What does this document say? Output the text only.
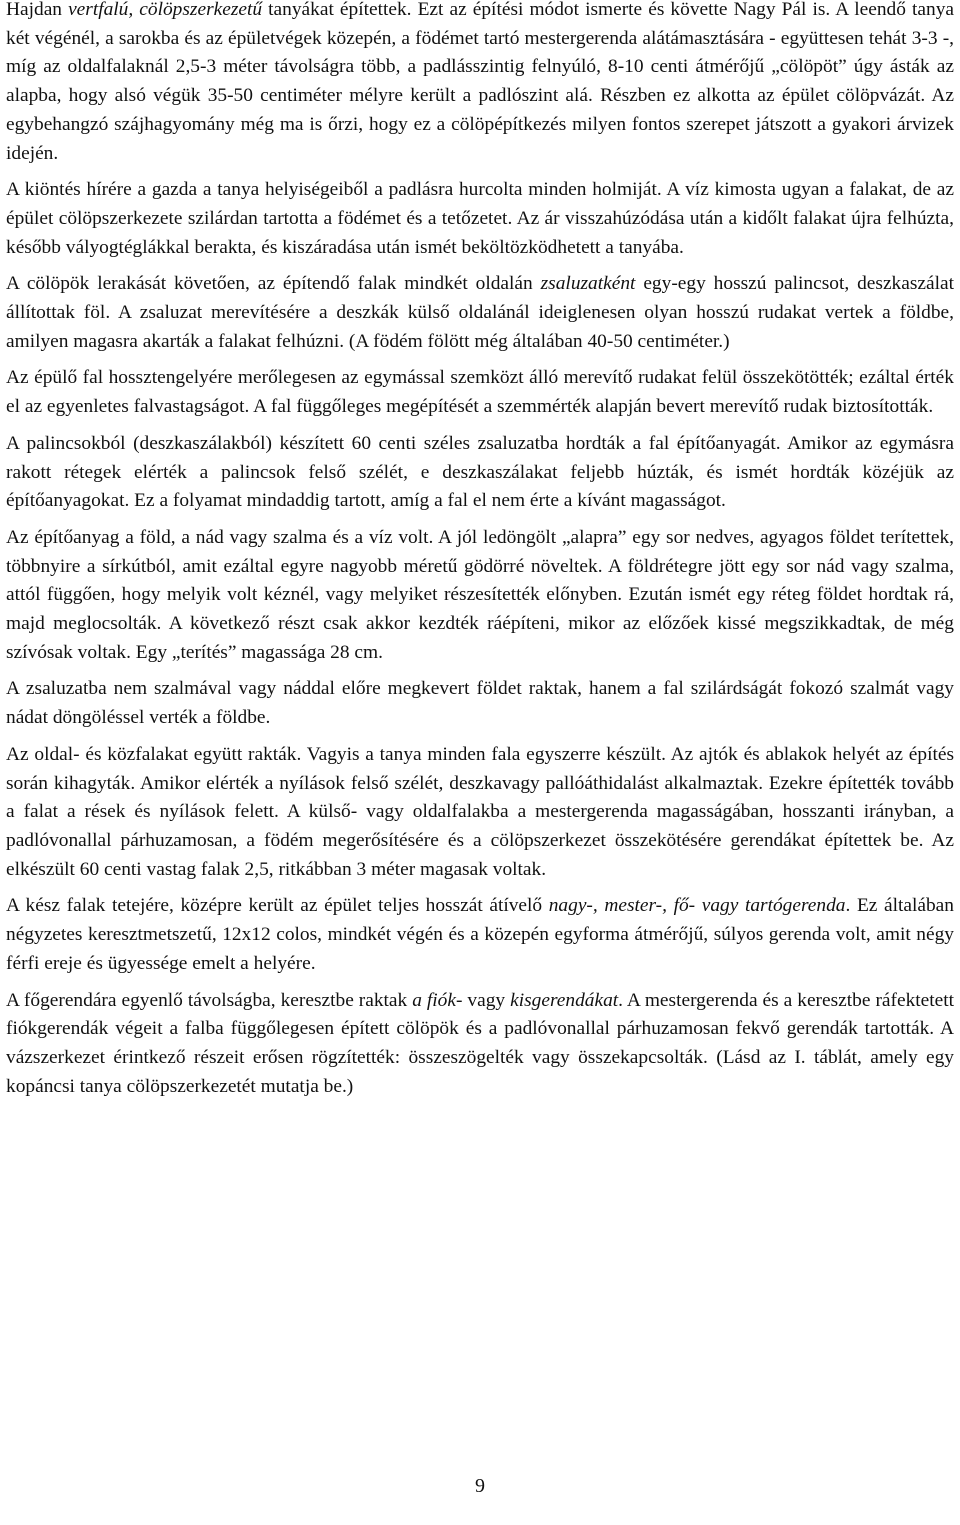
Hajdan vertfalú, cölöpszerkezetű tanyákat építettek. Ezt az építési módot ismerte és követte Nagy Pál is. A leendő tanya két végénél, a sarokba és az épületvégek közepén, a födémet tartó mestergerenda alátámasztására - együttesen tehát 3-3 -, míg az oldalfalaknál 2,5-3 méter távolságra több, a padlásszintig felnyúló, 8-10 centi átmérőjű „cölöpöt” úgy ásták az alapba, hogy alsó végük 35-50 centiméter mélyre került a padlószint alá. Részben ez alkotta az épület cölöpvázát. Az egybehangzó szájhagyomány még ma is őrzi, hogy ez a cölöpépítkezés milyen fontos szerepet játszott a gyakori árvizek idején.

A kiöntés hírére a gazda a tanya helyiségeiből a padlásra hurcolta minden holmiját. A víz kimosta ugyan a falakat, de az épület cölöpszerkezete szilárdan tartotta a födémet és a tetőzetet. Az ár visszahúzódása után a kidőlt falakat újra felhúzta, később vályogtéglákkal berakta, és kiszáradása után ismét beköltözködhetett a tanyába.

A cölöpök lerakását követően, az építendő falak mindkét oldalán zsaluzatként egy-egy hosszú palincsot, deszkaszálat állítottak föl. A zsaluzat merevítésére a deszkák külső oldalánál ideiglenesen olyan hosszú rudakat vertek a földbe, amilyen magasra akarták a falakat felhúzni. (A födém fölött még általában 40-50 centiméter.)

Az épülő fal hossztengelyére merőlegesen az egymással szemközt álló merevítő rudakat felül összekötötték; ezáltal érték el az egyenletes falvastagságot. A fal függőleges megépítését a szemmérték alapján bevert merevítő rudak biztosították.

A palincsokból (deszkaszálakból) készített 60 centi széles zsaluzatba hordták a fal építőanyagát. Amikor az egymásra rakott rétegek elérték a palincsok felső szélét, e deszkaszálakat feljebb húzták, és ismét hordták közéjük az építőanyagokat. Ez a folyamat mindaddig tartott, amíg a fal el nem érte a kívánt magasságot.

Az építőanyag a föld, a nád vagy szalma és a víz volt. A jól ledöngölt „alapra” egy sor nedves, agyagos földet terítettek, többnyire a sírkútból, amit ezáltal egyre nagyobb méretű gödörré növeltek. A földrétegre jött egy sor nád vagy szalma, attól függően, hogy melyik volt kéznél, vagy melyiket részesítették előnyben. Ezután ismét egy réteg földet hordtak rá, majd meglocsolták. A következő részt csak akkor kezdték ráépíteni, mikor az előzőek kissé megszikkadtak, de még szívósak voltak. Egy „terítés” magassága 28 cm.

A zsaluzatba nem szalmával vagy náddal előre megkevert földet raktak, hanem a fal szilárdságát fokozó szalmát vagy nádat döngöléssel verték a földbe.

Az oldal- és közfalakat együtt rakták. Vagyis a tanya minden fala egyszerre készült. Az ajtók és ablakok helyét az építés során kihagyták. Amikor elérték a nyílások felső szélét, deszkavagy pallóáthidalást alkalmaztak. Ezekre építették tovább a falat a rések és nyílások felett. A külső- vagy oldalfalakba a mestergerenda magasságában, hosszanti irányban, a padlóvonallal párhuzamosan, a födém megerősítésére és a cölöpszerkezet összekötésére gerendákat építettek be. Az elkészült 60 centi vastag falak 2,5, ritkábban 3 méter magasak voltak.

A kész falak tetejére, középre került az épület teljes hosszát átívelő nagy-, mester-, fő- vagy tartógerenda. Ez általában négyzetes keresztmetszetű, 12x12 colos, mindkét végén és a közepén egyforma átmérőjű, súlyos gerenda volt, amit négy férfi ereje és ügyessége emelt a helyére.

A főgerendára egyenlő távolságba, keresztbe raktak a fiók- vagy kisgerendákat. A mestergerenda és a keresztbe ráfektetett fiókgerendák végeit a falba függőlegesen épített cölöpök és a padlóvonallal párhuzamosan fekvő gerendák tartották. A vázszerkezet érintkező részeit erősen rögzítették: összeszögelték vagy összekapcsolták. (Lásd az I. táblát, amely egy kopáncsi tanya cölöpszerkezetét mutatja be.)

9
